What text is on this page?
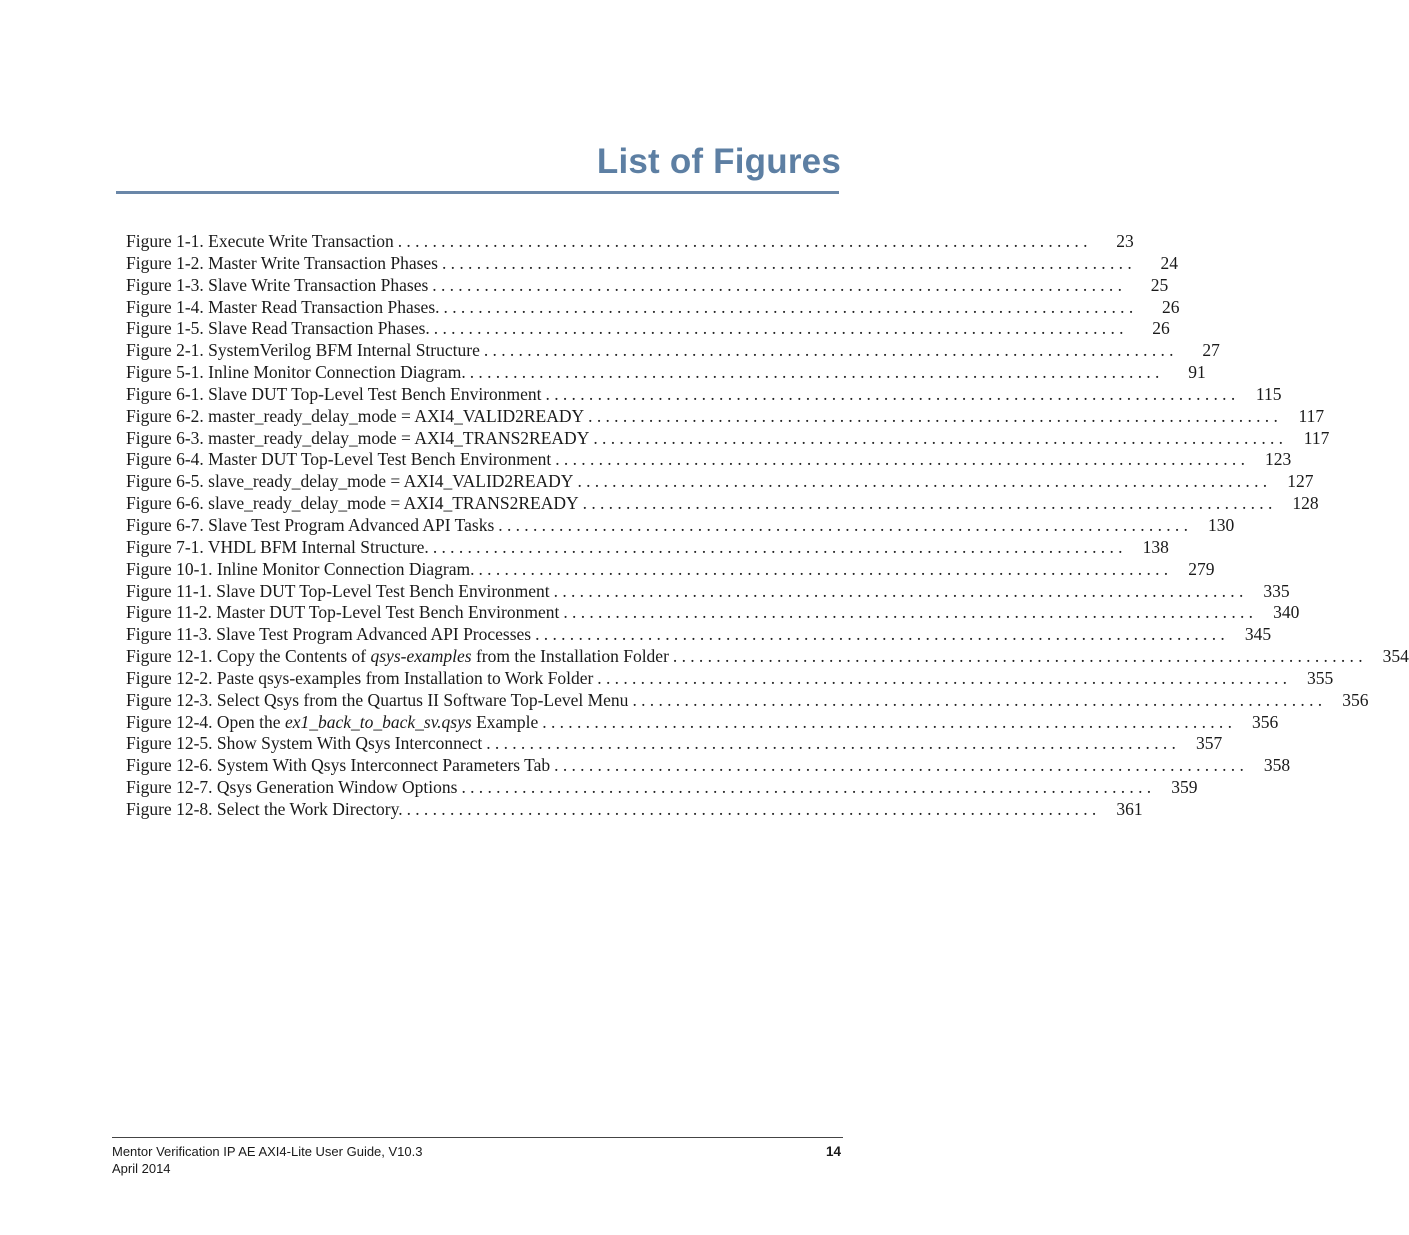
List of Figures
Figure 1-1. Execute Write Transaction ................................................................................	23
Figure 1-2. Master Write Transaction Phases ................................................................................	24
Figure 1-3. Slave Write Transaction Phases ................................................................................	25
Figure 1-4. Master Read Transaction Phases. ................................................................................	26
Figure 1-5. Slave Read Transaction Phases. ................................................................................	26
Figure 2-1. SystemVerilog BFM Internal Structure ................................................................................	27
Figure 5-1. Inline Monitor Connection Diagram. ................................................................................	91
Figure 6-1. Slave DUT Top-Level Test Bench Environment ................................................................................ 115
Figure 6-2. master_ready_delay_mode = AXI4_VALID2READY ................................................................................ 117
Figure 6-3. master_ready_delay_mode = AXI4_TRANS2READY ................................................................................ 117
Figure 6-4. Master DUT Top-Level Test Bench Environment ................................................................................ 123
Figure 6-5. slave_ready_delay_mode = AXI4_VALID2READY ................................................................................ 127
Figure 6-6. slave_ready_delay_mode = AXI4_TRANS2READY ................................................................................ 128
Figure 6-7. Slave Test Program Advanced API Tasks ................................................................................ 130
Figure 7-1. VHDL BFM Internal Structure. ................................................................................ 138
Figure 10-1. Inline Monitor Connection Diagram. ................................................................................ 279
Figure 11-1. Slave DUT Top-Level Test Bench Environment ................................................................................ 335
Figure 11-2. Master DUT Top-Level Test Bench Environment ................................................................................ 340
Figure 11-3. Slave Test Program Advanced API Processes ................................................................................ 345
Figure 12-1. Copy the Contents of qsys-examples from the Installation Folder ................................................................................ 354
Figure 12-2. Paste qsys-examples from Installation to Work Folder ................................................................................ 355
Figure 12-3. Select Qsys from the Quartus II Software Top-Level Menu ................................................................................ 356
Figure 12-4. Open the ex1_back_to_back_sv.qsys Example ................................................................................ 356
Figure 12-5. Show System With Qsys Interconnect ................................................................................ 357
Figure 12-6. System With Qsys Interconnect Parameters Tab ................................................................................ 358
Figure 12-7. Qsys Generation Window Options ................................................................................ 359
Figure 12-8. Select the Work Directory. ................................................................................ 361
Mentor Verification IP AE AXI4-Lite User Guide, V10.3
April 2014
14
